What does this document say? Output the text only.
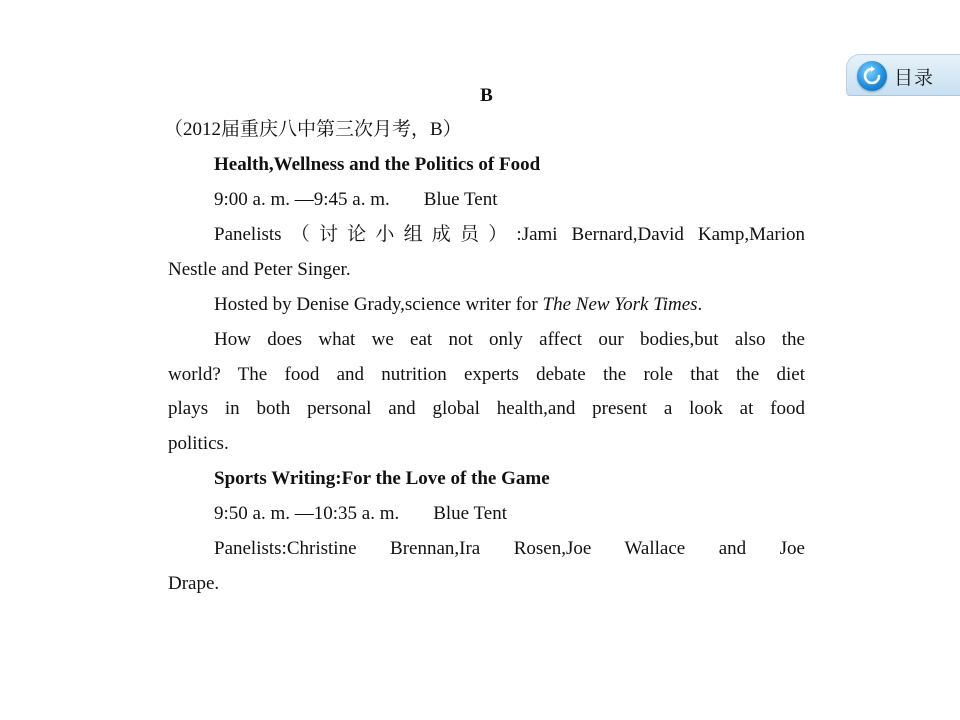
目录
B
（2012届重庆八中第三次月考，B）
Health,Wellness and the Politics of Food
9:00 a. m. —9:45 a. m. Blue Tent
Panelists（讨论小组成员）:Jami Bernard,David Kamp,Marion
Nestle and Peter Singer.
Hosted by Denise Grady,science writer for The New York Times.
How does what we eat not only affect our bodies,but also the
world? The food and nutrition experts debate the role that the diet
plays in both personal and global health,and present a look at food
politics.
Sports Writing:For the Love of the Game
9:50 a. m. —10:35 a. m. Blue Tent
Panelists:Christine Brennan,Ira Rosen,Joe Wallace and Joe
Drape.
